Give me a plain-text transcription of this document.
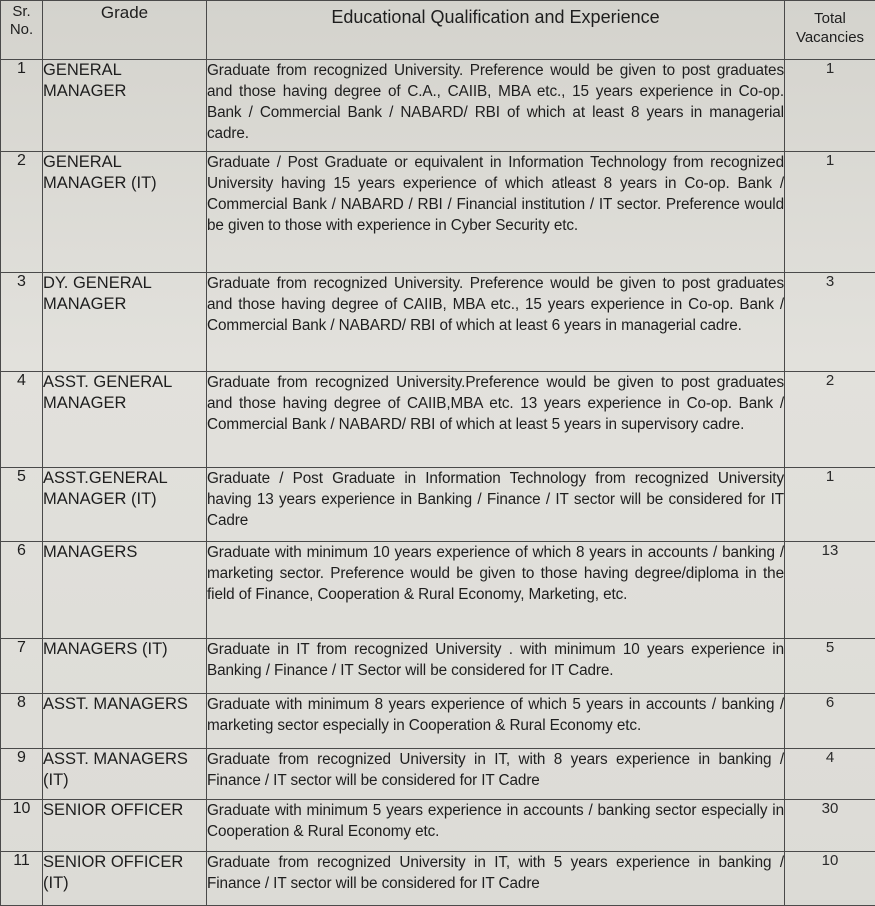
Sr. No.	Grade	Educational Qualification and Experience	Total Vacancies
1	GENERAL MANAGER	Graduate from recognized University. Preference would be given to post graduates and those having degree of C.A., CAIIB, MBA etc., 15 years experience in Co-op. Bank / Commercial Bank / NABARD/ RBI of which at least 8 years in managerial cadre.	1
2	GENERAL MANAGER (IT)	Graduate / Post Graduate or equivalent in Information Technology from recognized University having 15 years experience of which atleast 8 years in Co-op. Bank / Commercial Bank / NABARD / RBI / Financial institution / IT sector. Preference would be given to those with experience in Cyber Security etc.	1
3	DY. GENERAL MANAGER	Graduate from recognized University. Preference would be given to post graduates and those having degree of CAIIB, MBA etc., 15 years experience in Co-op. Bank / Commercial Bank / NABARD/ RBI of which at least 6 years in managerial cadre.	3
4	ASST. GENERAL MANAGER	Graduate from recognized University.Preference would be given to post graduates and those having degree of CAIIB,MBA etc. 13 years experience in Co-op. Bank / Commercial Bank / NABARD/ RBI of which at least 5 years in supervisory cadre.	2
5	ASST.GENERAL MANAGER (IT)	Graduate / Post Graduate in Information Technology from recognized University having 13 years experience in Banking / Finance / IT sector will be considered for IT Cadre	1
6	MANAGERS	Graduate with minimum 10 years experience of which 8 years in accounts / banking / marketing sector. Preference would be given to those having degree/diploma in the field of Finance, Cooperation & Rural Economy, Marketing, etc.	13
7	MANAGERS (IT)	Graduate in IT from recognized University . with minimum 10 years experience in Banking / Finance / IT Sector will be considered for IT Cadre.	5
8	ASST. MANAGERS	Graduate with minimum 8 years experience of which 5 years in accounts / banking / marketing sector especially in Cooperation & Rural Economy etc.	6
9	ASST. MANAGERS (IT)	Graduate from recognized University in IT, with 8 years experience in banking / Finance / IT sector will be considered for IT Cadre	4
10	SENIOR OFFICER	Graduate with minimum 5 years experience in accounts / banking sector especially in Cooperation & Rural Economy etc.	30
11	SENIOR OFFICER (IT)	Graduate from recognized University in IT, with 5 years experience in banking / Finance / IT sector will be considered for IT Cadre	10
